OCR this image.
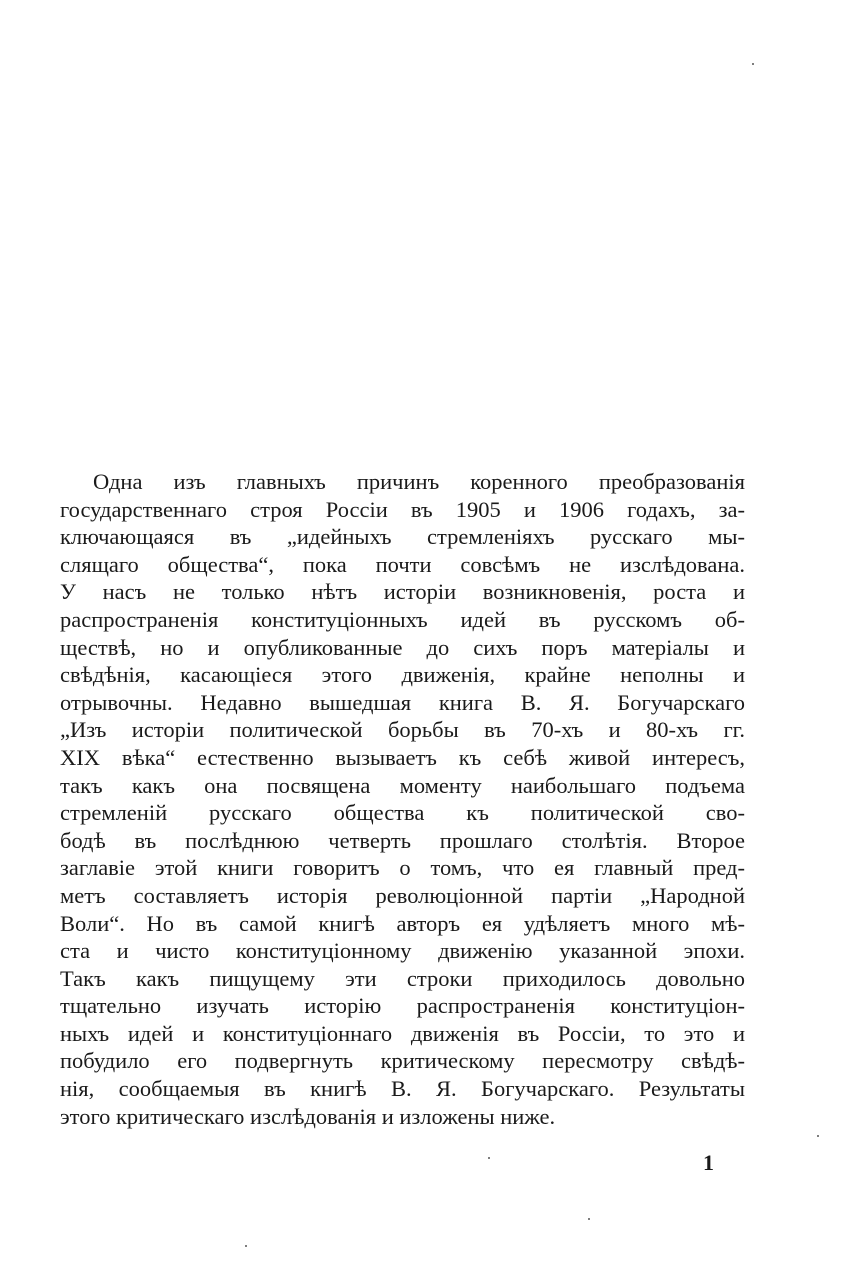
Одна изъ главныхъ причинъ коренного преобразованія
государственнаго строя Россіи въ 1905 и 1906 годахъ, за-
ключающаяся въ „идейныхъ стремленіяхъ русскаго мы-
слящаго общества“, пока почти совсѣмъ не изслѣдована.
У насъ не только нѣтъ исторіи возникновенія, роста и
распространенія конституціонныхъ идей въ русскомъ об-
ществѣ, но и опубликованные до сихъ поръ матеріалы и
свѣдѣнія, касающіеся этого движенія, крайне неполны и
отрывочны. Недавно вышедшая книга В. Я. Богучарскаго
„Изъ исторіи политической борьбы въ 70-хъ и 80-хъ гг.
XIX вѣка“ естественно вызываетъ къ себѣ живой интересъ,
такъ какъ она посвящена моменту наибольшаго подъема
стремленій русскаго общества къ политической сво-
бодѣ въ послѣднюю четверть прошлаго столѣтія. Второе
заглавіе этой книги говоритъ о томъ, что ея главный пред-
метъ составляетъ исторія революціонной партіи „Народной
Воли“. Но въ самой книгѣ авторъ ея удѣляетъ много мѣ-
ста и чисто конституціонному движенію указанной эпохи.
Такъ какъ пищущему эти строки приходилось довольно
тщательно изучать исторію распространенія конституціон-
ныхъ идей и конституціоннаго движенія въ Россіи, то это и
побудило его подвергнуть критическому пересмотру свѣдѣ-
нія, сообщаемыя въ книгѣ В. Я. Богучарскаго. Результаты
этого критическаго изслѣдованія и изложены ниже.
1
